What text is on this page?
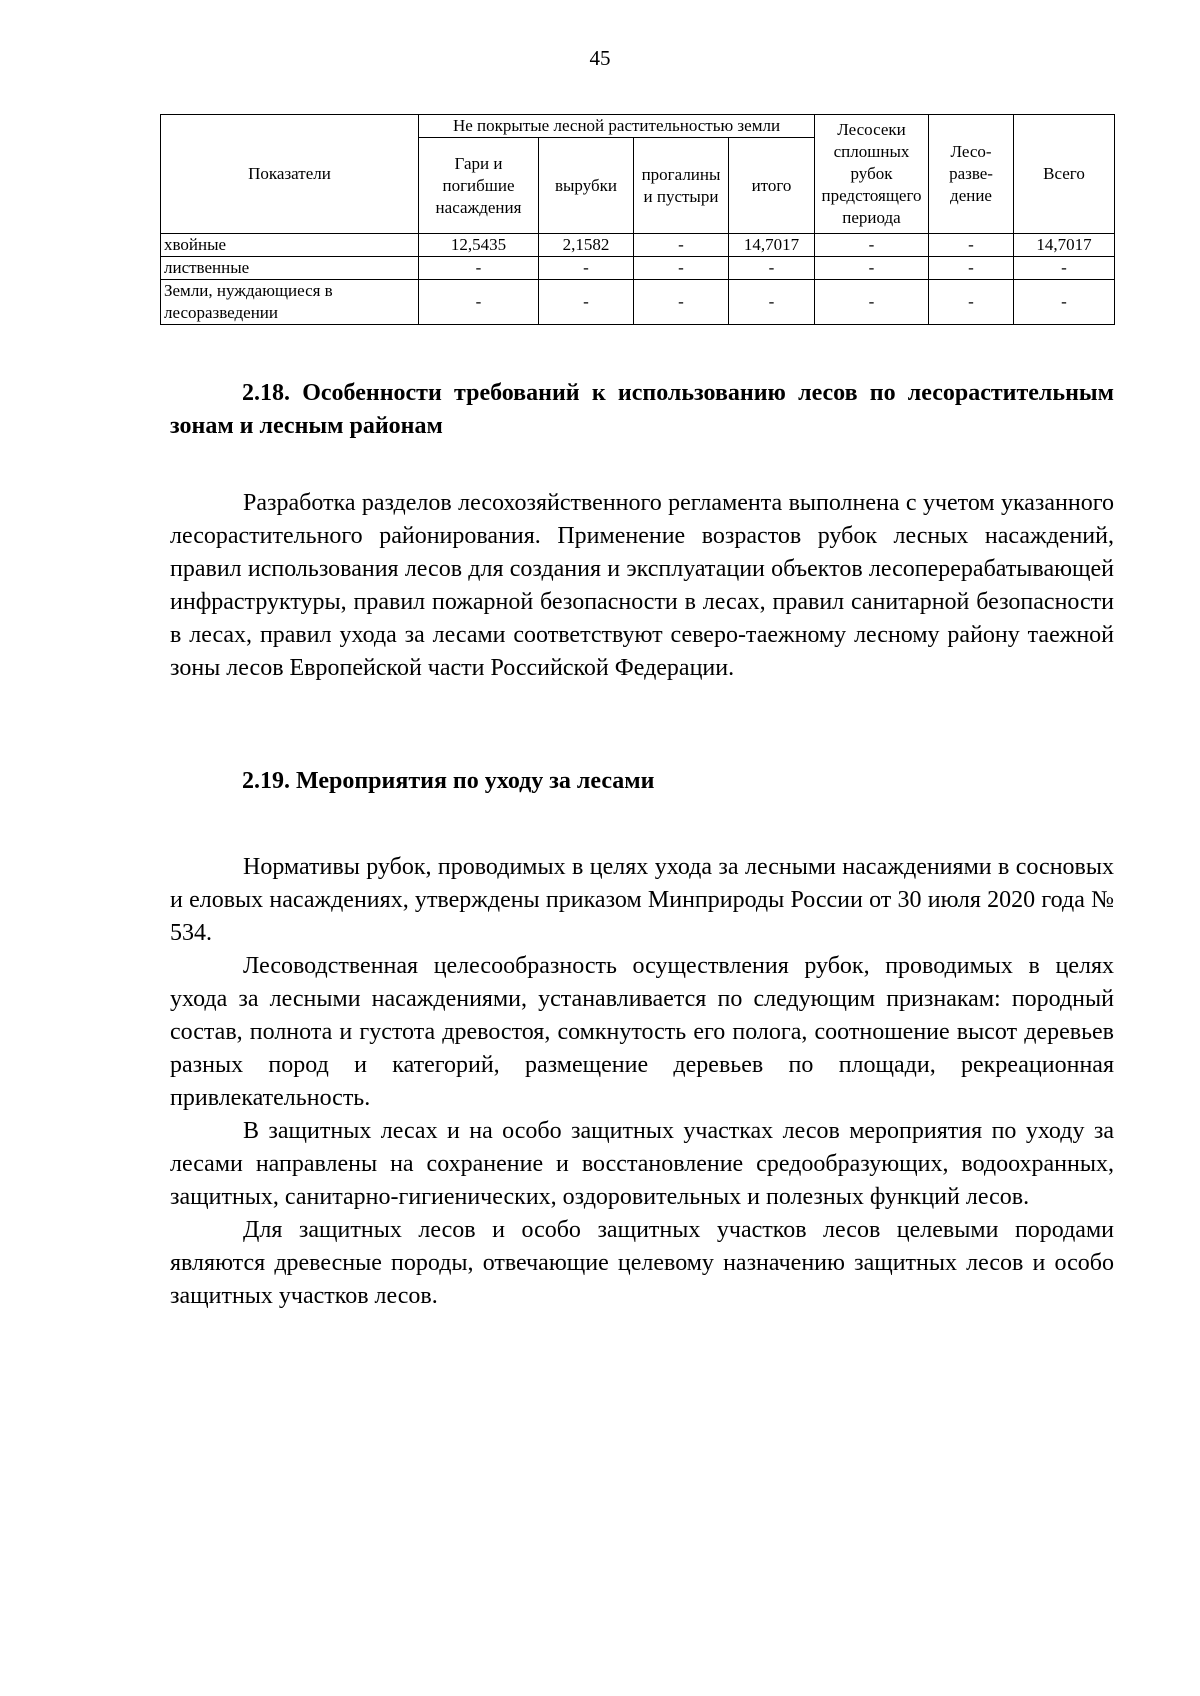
45
Показатели	Не покрытые лесной растительностью земли				Лесосеки сплошных рубок предстоящего периода	Лесо- разве- дение	Всего
	Гари и погибшие насаждения	вырубки	прогалины и пустыри	итого			
хвойные	12,5435	2,1582	-	14,7017	-	-	14,7017
лиственные	-	-	-	-	-	-	-
Земли, нуждающиеся в лесоразведении	-	-	-	-	-	-	-
2.18. Особенности требований к использованию лесов по лесорастительным зонам и лесным районам

Разработка разделов лесохозяйственного регламента выполнена с учетом указанного лесорастительного районирования. Применение возрастов рубок лесных насаждений, правил использования лесов для создания и эксплуатации объектов лесоперерабатывающей инфраструктуры, правил пожарной безопасности в лесах, правил санитарной безопасности в лесах, правил ухода за лесами соответствуют северо-таежному лесному району таежной зоны лесов Европейской части Российской Федерации.

2.19. Мероприятия по уходу за лесами

Нормативы рубок, проводимых в целях ухода за лесными насаждениями в сосновых и еловых насаждениях, утверждены приказом Минприроды России от 30 июля 2020 года № 534.

Лесоводственная целесообразность осуществления рубок, проводимых в целях ухода за лесными насаждениями, устанавливается по следующим признакам: породный состав, полнота и густота древостоя, сомкнутость его полога, соотношение высот деревьев разных пород и категорий, размещение деревьев по площади, рекреационная привлекательность.

В защитных лесах и на особо защитных участках лесов мероприятия по уходу за лесами направлены на сохранение и восстановление средообразующих, водоохранных, защитных, санитарно-гигиенических, оздоровительных и полезных функций лесов.

Для защитных лесов и особо защитных участков лесов целевыми породами являются древесные породы, отвечающие целевому назначению защитных лесов и особо защитных участков лесов.
